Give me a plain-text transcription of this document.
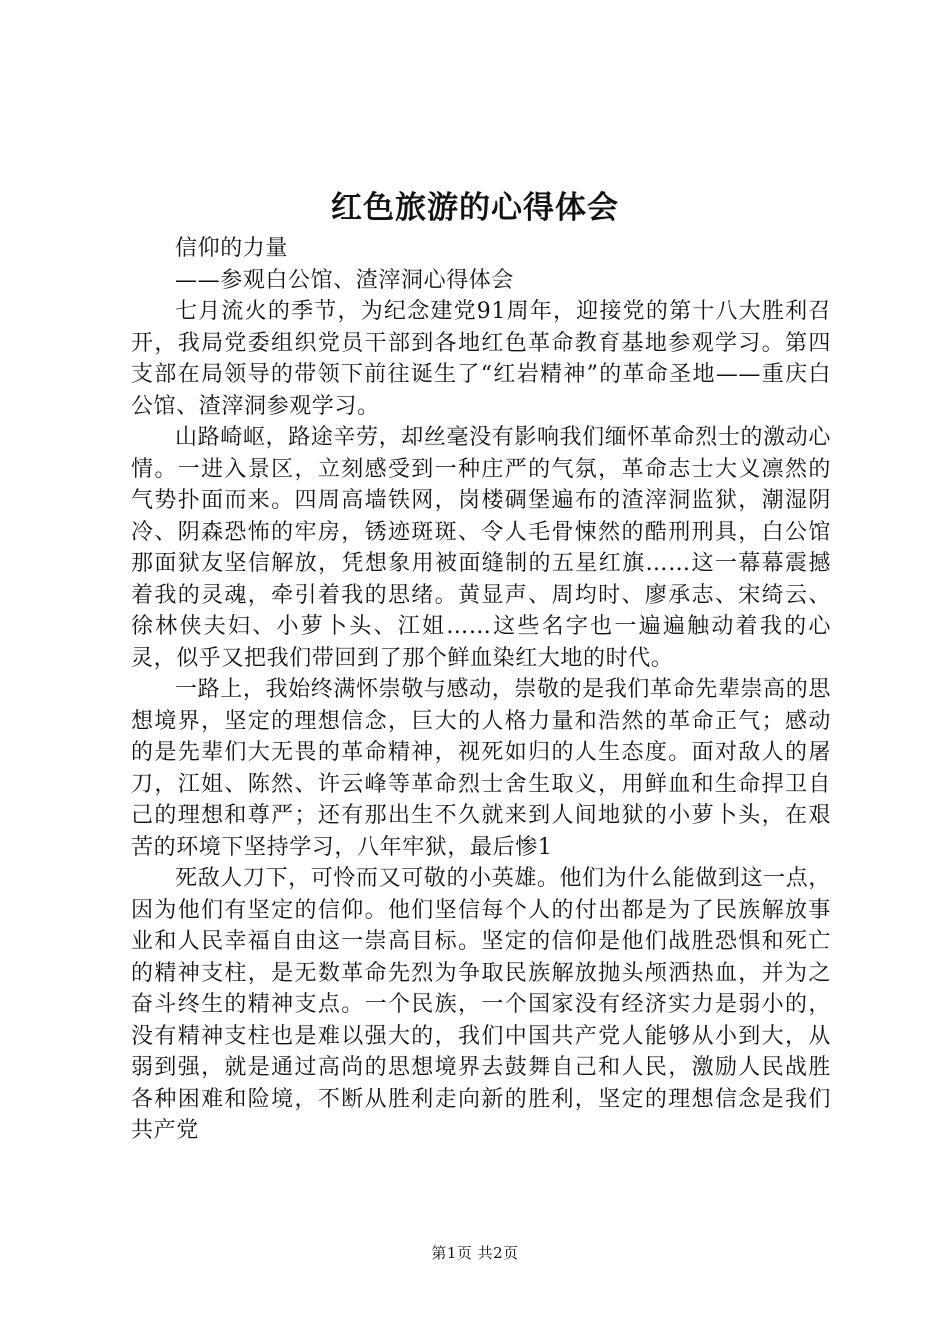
红色旅游的心得体会

信仰的力量

——参观白公馆、渣滓洞心得体会

七月流火的季节，为纪念建党91周年，迎接党的第十八大胜利召开，我局党委组织党员干部到各地红色革命教育基地参观学习。第四支部在局领导的带领下前往诞生了“红岩精神”的革命圣地——重庆白公馆、渣滓洞参观学习。

山路崎岖，路途辛劳，却丝毫没有影响我们缅怀革命烈士的激动心情。一进入景区，立刻感受到一种庄严的气氛，革命志士大义凛然的气势扑面而来。四周高墙铁网，岗楼碉堡遍布的渣滓洞监狱，潮湿阴冷、阴森恐怖的牢房，锈迹斑斑、令人毛骨悚然的酷刑刑具，白公馆那面狱友坚信解放，凭想象用被面缝制的五星红旗……这一幕幕震撼着我的灵魂，牵引着我的思绪。黄显声、周均时、廖承志、宋绮云、徐林侠夫妇、小萝卜头、江姐……这些名字也一遍遍触动着我的心灵，似乎又把我们带回到了那个鲜血染红大地的时代。

一路上，我始终满怀崇敬与感动，崇敬的是我们革命先辈崇高的思想境界，坚定的理想信念，巨大的人格力量和浩然的革命正气；感动的是先辈们大无畏的革命精神，视死如归的人生态度。面对敌人的屠刀，江姐、陈然、许云峰等革命烈士舍生取义，用鲜血和生命捍卫自己的理想和尊严；还有那出生不久就来到人间地狱的小萝卜头，在艰苦的环境下坚持学习，八年牢狱，最后惨1

死敌人刀下，可怜而又可敬的小英雄。他们为什么能做到这一点，因为他们有坚定的信仰。他们坚信每个人的付出都是为了民族解放事业和人民幸福自由这一崇高目标。坚定的信仰是他们战胜恐惧和死亡的精神支柱，是无数革命先烈为争取民族解放抛头颅洒热血，并为之奋斗终生的精神支点。一个民族，一个国家没有经济实力是弱小的，没有精神支柱也是难以强大的，我们中国共产党人能够从小到大，从弱到强，就是通过高尚的思想境界去鼓舞自己和人民，激励人民战胜各种困难和险境，不断从胜利走向新的胜利，坚定的理想信念是我们共产党

第1页 共2页
